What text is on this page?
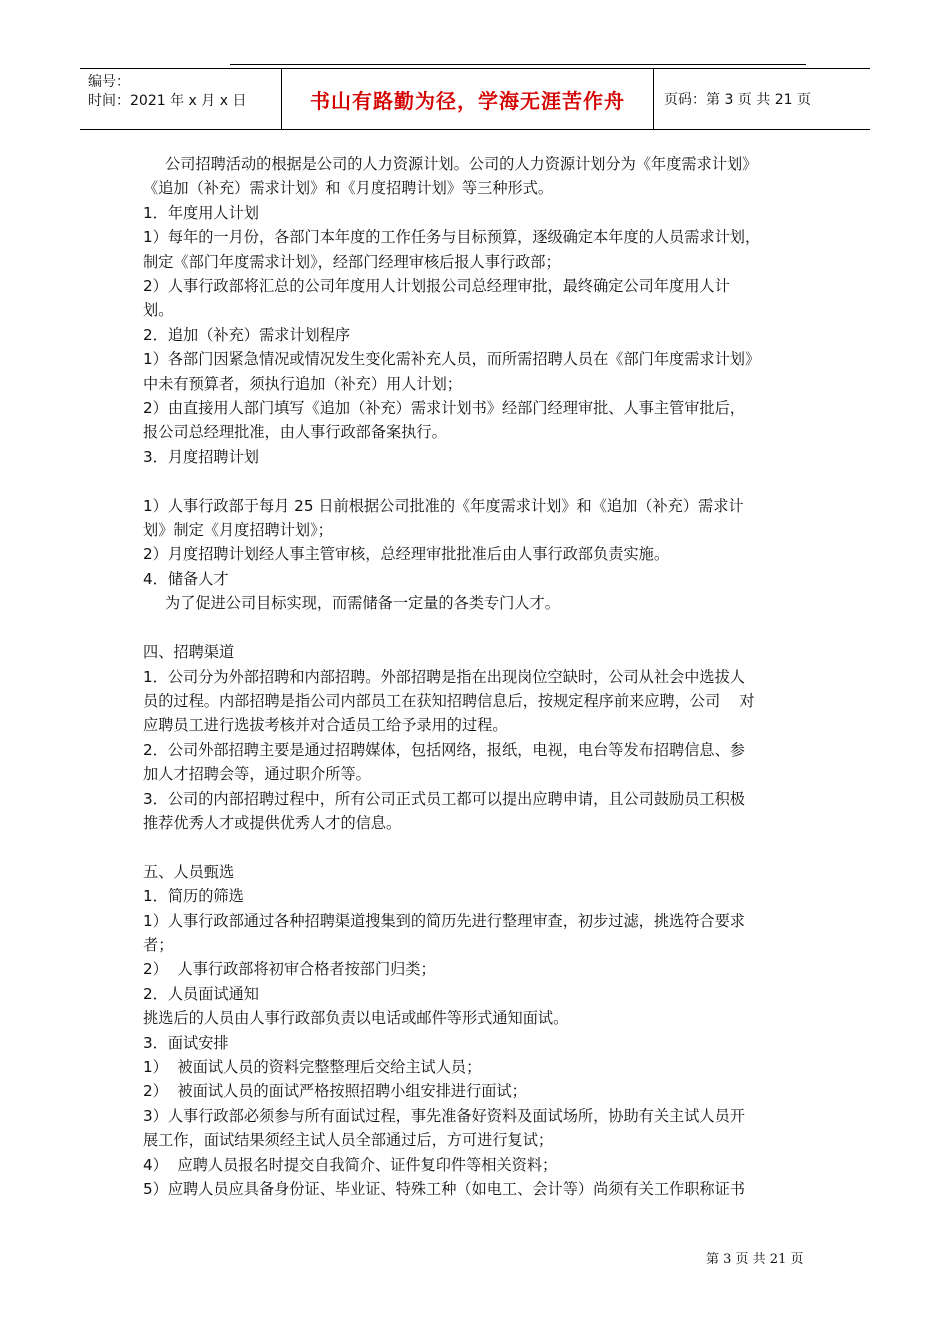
编号：
时间：2021 年 x 月 x 日	书山有路勤为径，学海无涯苦作舟	页码：第 3 页 共 21 页

公司招聘活动的根据是公司的人力资源计划。公司的人力资源计划分为《年度需求计划》

《追加（补充）需求计划》和《月度招聘计划》等三种形式。

1．年度用人计划

1）每年的一月份，各部门本年度的工作任务与目标预算，逐级确定本年度的人员需求计划，

制定《部门年度需求计划》，经部门经理审核后报人事行政部；

2）人事行政部将汇总的公司年度用人计划报公司总经理审批，最终确定公司年度用人计

划。

2．追加（补充）需求计划程序

1）各部门因紧急情况或情况发生变化需补充人员，而所需招聘人员在《部门年度需求计划》

中未有预算者，须执行追加（补充）用人计划；

2）由直接用人部门填写《追加（补充）需求计划书》经部门经理审批、人事主管审批后，

报公司总经理批准，由人事行政部备案执行。

3．月度招聘计划

1）人事行政部于每月 25 日前根据公司批准的《年度需求计划》和《追加（补充）需求计

划》制定《月度招聘计划》；

2）月度招聘计划经人事主管审核，总经理审批批准后由人事行政部负责实施。

4．储备人才

为了促进公司目标实现，而需储备一定量的各类专门人才。

四、招聘渠道

1．公司分为外部招聘和内部招聘。外部招聘是指在出现岗位空缺时，公司从社会中选拔人

员的过程。内部招聘是指公司内部员工在获知招聘信息后，按规定程序前来应聘，公司    对

应聘员工进行选拔考核并对合适员工给予录用的过程。

2．公司外部招聘主要是通过招聘媒体，包括网络，报纸，电视，电台等发布招聘信息、参

加人才招聘会等，通过职介所等。

3．公司的内部招聘过程中，所有公司正式员工都可以提出应聘申请，且公司鼓励员工积极

推荐优秀人才或提供优秀人才的信息。

五、人员甄选

1．简历的筛选

1）人事行政部通过各种招聘渠道搜集到的简历先进行整理审查，初步过滤，挑选符合要求

者；

2）  人事行政部将初审合格者按部门归类；

2．人员面试通知

挑选后的人员由人事行政部负责以电话或邮件等形式通知面试。

3．面试安排

1）  被面试人员的资料完整整理后交给主试人员；

2）  被面试人员的面试严格按照招聘小组安排进行面试；

3）人事行政部必须参与所有面试过程，事先准备好资料及面试场所，协助有关主试人员开

展工作，面试结果须经主试人员全部通过后，方可进行复试；

4）  应聘人员报名时提交自我简介、证件复印件等相关资料；

5）应聘人员应具备身份证、毕业证、特殊工种（如电工、会计等）尚须有关工作职称证书

第 3 页 共 21 页
